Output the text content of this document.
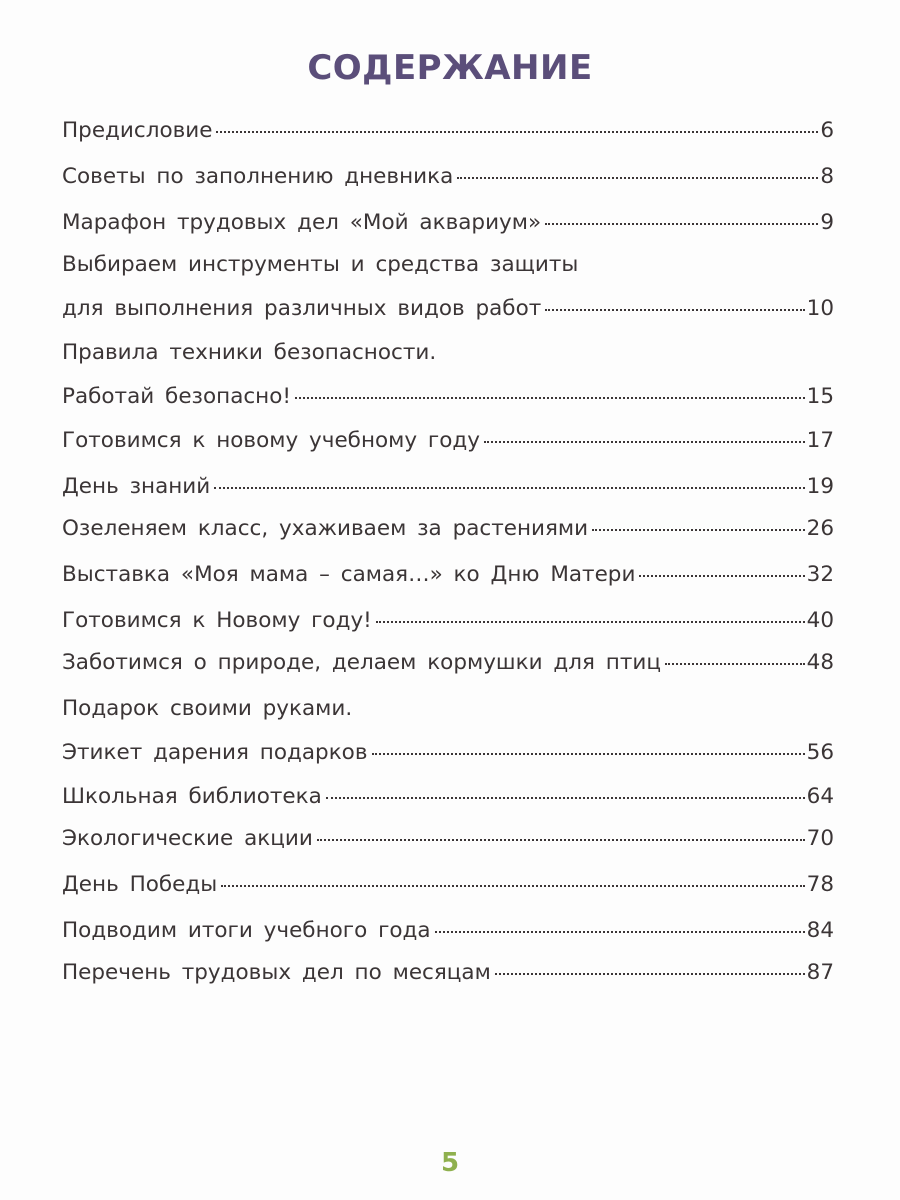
СОДЕРЖАНИЕ
Предисловие	6
Советы по заполнению дневника	8
Марафон трудовых дел «Мой аквариум»	9
Выбираем инструменты и средства защиты
для выполнения различных видов работ	10
Правила техники безопасности.
Работай безопасно!	15
Готовимся к новому учебному году	17
День знаний	19
Озеленяем класс, ухаживаем за растениями	26
Выставка «Моя мама – самая…» ко Дню Матери	32
Готовимся к Новому году!	40
Заботимся о природе, делаем кормушки для птиц	48
Подарок своими руками.
Этикет дарения подарков	56
Школьная библиотека	64
Экологические акции	70
День Победы	78
Подводим итоги учебного года	84
Перечень трудовых дел по месяцам	87
5
